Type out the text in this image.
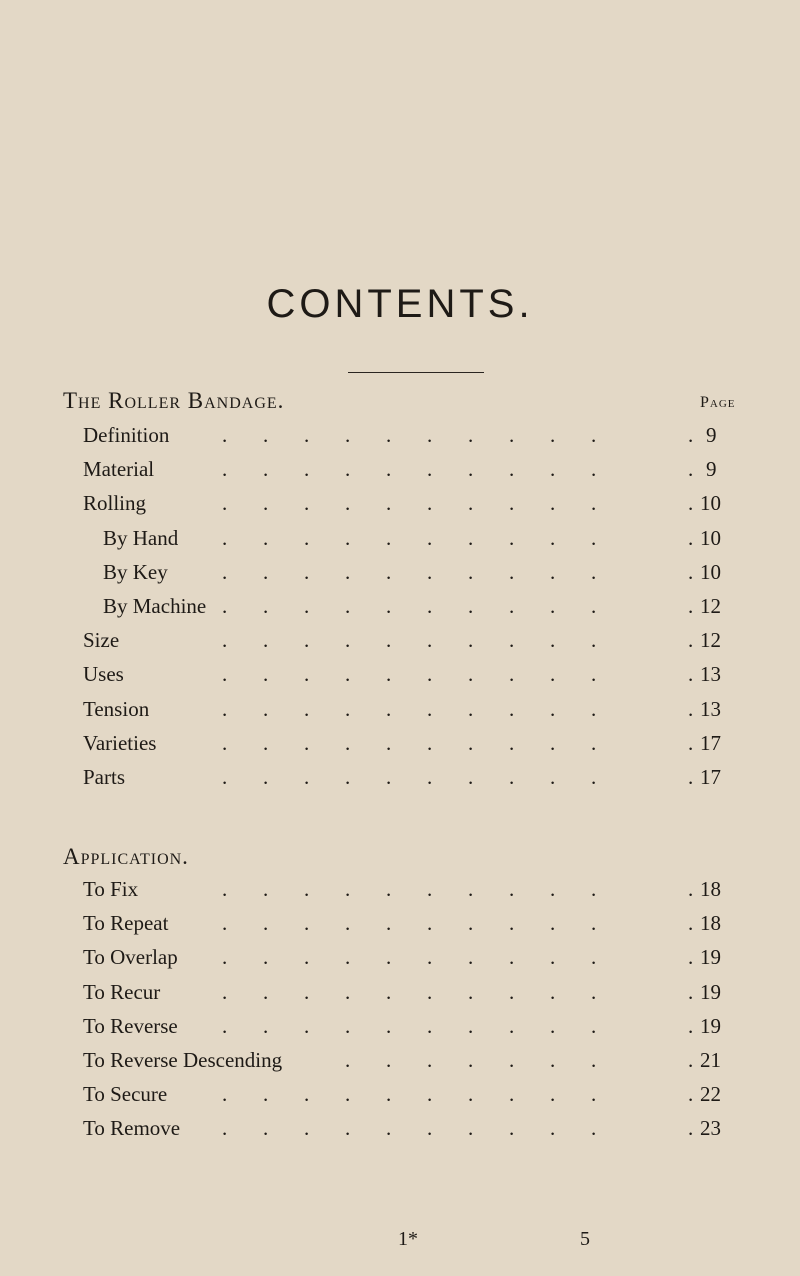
CONTENTS.
The Roller Bandage.	Page
Definition	. . . . . . . . . .	. 9
Material	. . . . . . . . . .	. 9
Rolling	. . . . . . . . . .	. 10
By Hand . . . . . . . . . .	. 10
By Key	. . . . . . . . . .	. 10
By Machine . . . . . . . . . .	. 12
Size	. . . . . . . . . .	. 12
Uses	. . . . . . . . . .	. 13
Tension	. . . . . . . . . .	. 13
Varieties	. . . . . . . . . .	. 17
Parts	. . . . . . . . . .	. 17
Application.
To Fix	. . . . . . . . . .	. 18
To Repeat	. . . . . . . . . .	. 18
To Overlap . . . . . . . . . .	. 19
To Recur	. . . . . . . . . .	. 19
To Reverse . . . . . . . . . .	. 19
To Reverse Descending	. . . . . . .	. 21
To Secure	. . . . . . . . . .	. 22
To Remove . . . . . . . . . .	. 23
1*	5
